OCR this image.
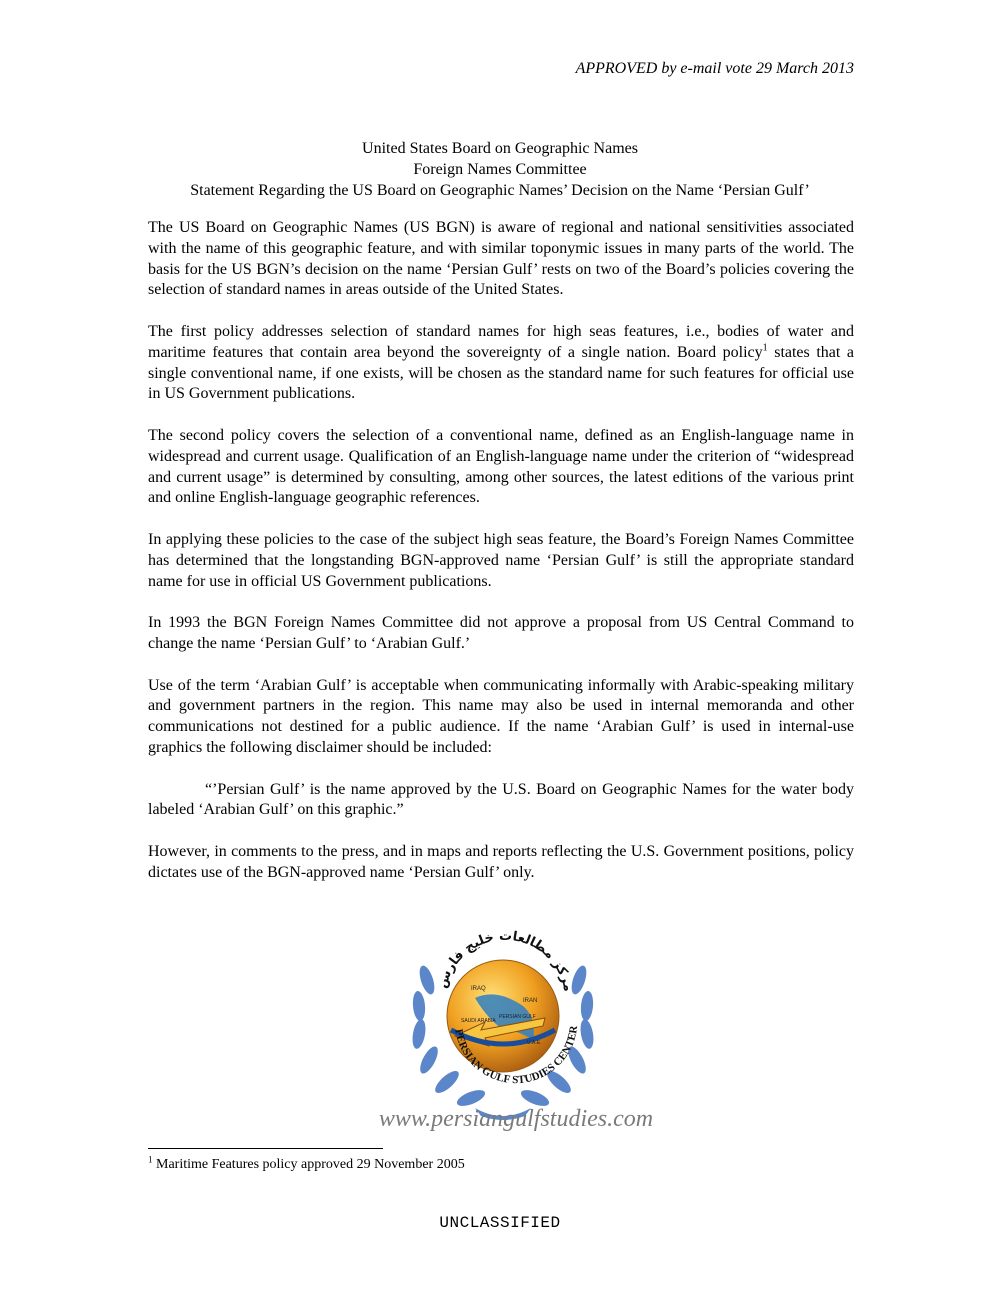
APPROVED by e-mail vote 29 March 2013
United States Board on Geographic Names
Foreign Names Committee
Statement Regarding the US Board on Geographic Names’ Decision on the Name ‘Persian Gulf’

The US Board on Geographic Names (US BGN) is aware of regional and national sensitivities associated with the name of this geographic feature, and with similar toponymic issues in many parts of the world. The basis for the US BGN’s decision on the name ‘Persian Gulf’ rests on two of the Board’s policies covering the selection of standard names in areas outside of the United States.

The first policy addresses selection of standard names for high seas features, i.e., bodies of water and maritime features that contain area beyond the sovereignty of a single nation. Board policy$^1$ states that a single conventional name, if one exists, will be chosen as the standard name for such features for official use in US Government publications.

The second policy covers the selection of a conventional name, defined as an English-language name in widespread and current usage. Qualification of an English-language name under the criterion of “widespread and current usage” is determined by consulting, among other sources, the latest editions of the various print and online English-language geographic references.

In applying these policies to the case of the subject high seas feature, the Board’s Foreign Names Committee has determined that the longstanding BGN-approved name ‘Persian Gulf’ is still the appropriate standard name for use in official US Government publications.

In 1993 the BGN Foreign Names Committee did not approve a proposal from US Central Command to change the name ‘Persian Gulf’ to ‘Arabian Gulf.’

Use of the term ‘Arabian Gulf’ is acceptable when communicating informally with Arabic-speaking military and government partners in the region. This name may also be used in internal memoranda and other communications not destined for a public audience. If the name ‘Arabian Gulf’ is used in internal-use graphics the following disclaimer should be included:

“’Persian Gulf’ is the name approved by the U.S. Board on Geographic Names for the water body labeled ‘Arabian Gulf’ on this graphic.”

However, in comments to the press, and in maps and reports reflecting the U.S. Government positions, policy dictates use of the BGN-approved name ‘Persian Gulf’ only.

IRAQ
IRAN
PERSIAN GULF
SAUDI ARABIA
U.A.E.
مرکز مطالعات خلیج فارس
PERSIAN GULF STUDIES CENTER
www.persiangulfstudies.com
$^1$ Maritime Features policy approved 29 November 2005
UNCLASSIFIED
